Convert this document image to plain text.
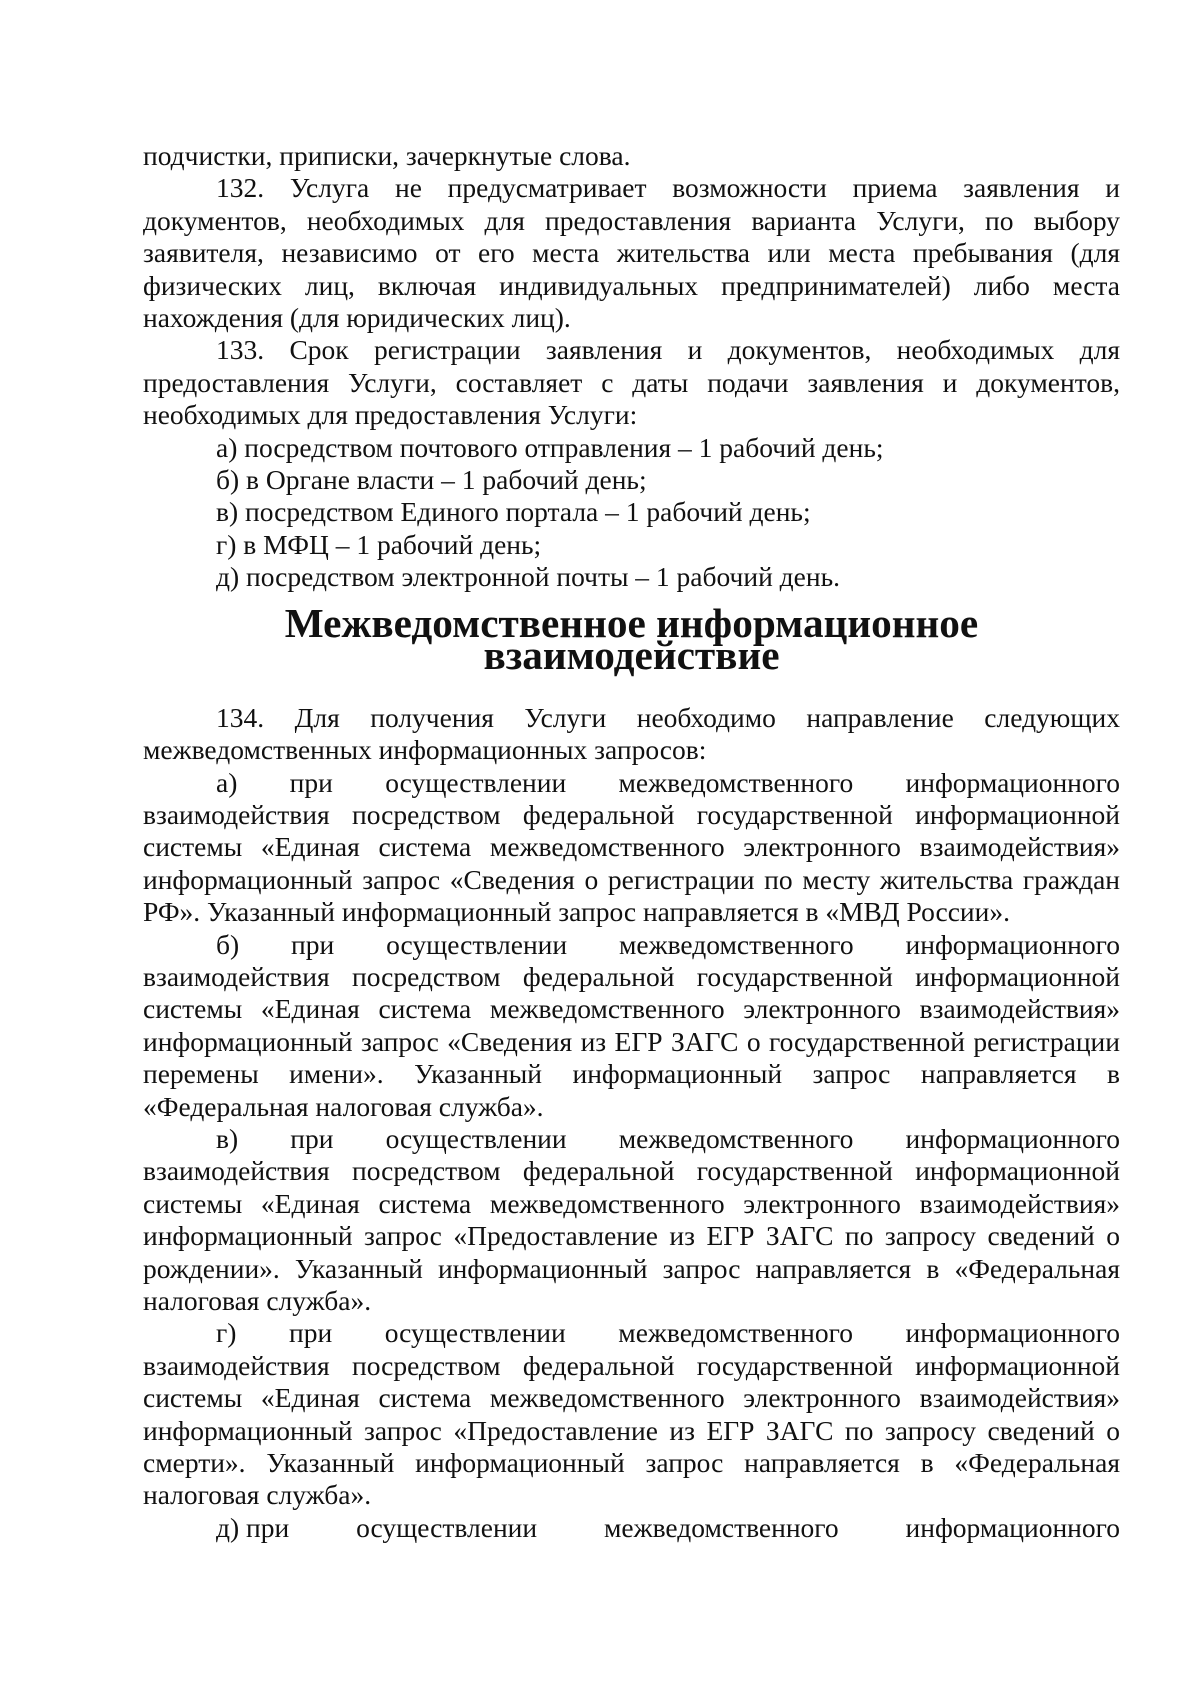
подчистки, приписки, зачеркнутые слова.

132. Услуга не предусматривает возможности приема заявления и документов, необходимых для предоставления варианта Услуги, по выбору заявителя, независимо от его места жительства или места пребывания (для физических лиц, включая индивидуальных предпринимателей) либо места нахождения (для юридических лиц).

133. Срок регистрации заявления и документов, необходимых для предоставления Услуги, составляет с даты подачи заявления и документов, необходимых для предоставления Услуги:

а) посредством почтового отправления – 1 рабочий день;

б) в Органе власти – 1 рабочий день;

в) посредством Единого портала – 1 рабочий день;

г) в МФЦ – 1 рабочий день;

д) посредством электронной почты – 1 рабочий день.

Межведомственное информационное взаимодействие

134. Для получения Услуги необходимо направление следующих межведомственных информационных запросов:

а) при осуществлении межведомственного информационного взаимодействия посредством федеральной государственной информационной системы «Единая система межведомственного электронного взаимодействия» информационный запрос «Сведения о регистрации по месту жительства граждан РФ». Указанный информационный запрос направляется в «МВД России».

б) при осуществлении межведомственного информационного взаимодействия посредством федеральной государственной информационной системы «Единая система межведомственного электронного взаимодействия» информационный запрос «Сведения из ЕГР ЗАГС о государственной регистрации перемены имени». Указанный информационный запрос направляется в «Федеральная налоговая служба».

в) при осуществлении межведомственного информационного взаимодействия посредством федеральной государственной информационной системы «Единая система межведомственного электронного взаимодействия» информационный запрос «Предоставление из ЕГР ЗАГС по запросу сведений о рождении». Указанный информационный запрос направляется в «Федеральная налоговая служба».

г) при осуществлении межведомственного информационного взаимодействия посредством федеральной государственной информационной системы «Единая система межведомственного электронного взаимодействия» информационный запрос «Предоставление из ЕГР ЗАГС по запросу сведений о смерти». Указанный информационный запрос направляется в «Федеральная налоговая служба».

д) при осуществлении межведомственного информационного
